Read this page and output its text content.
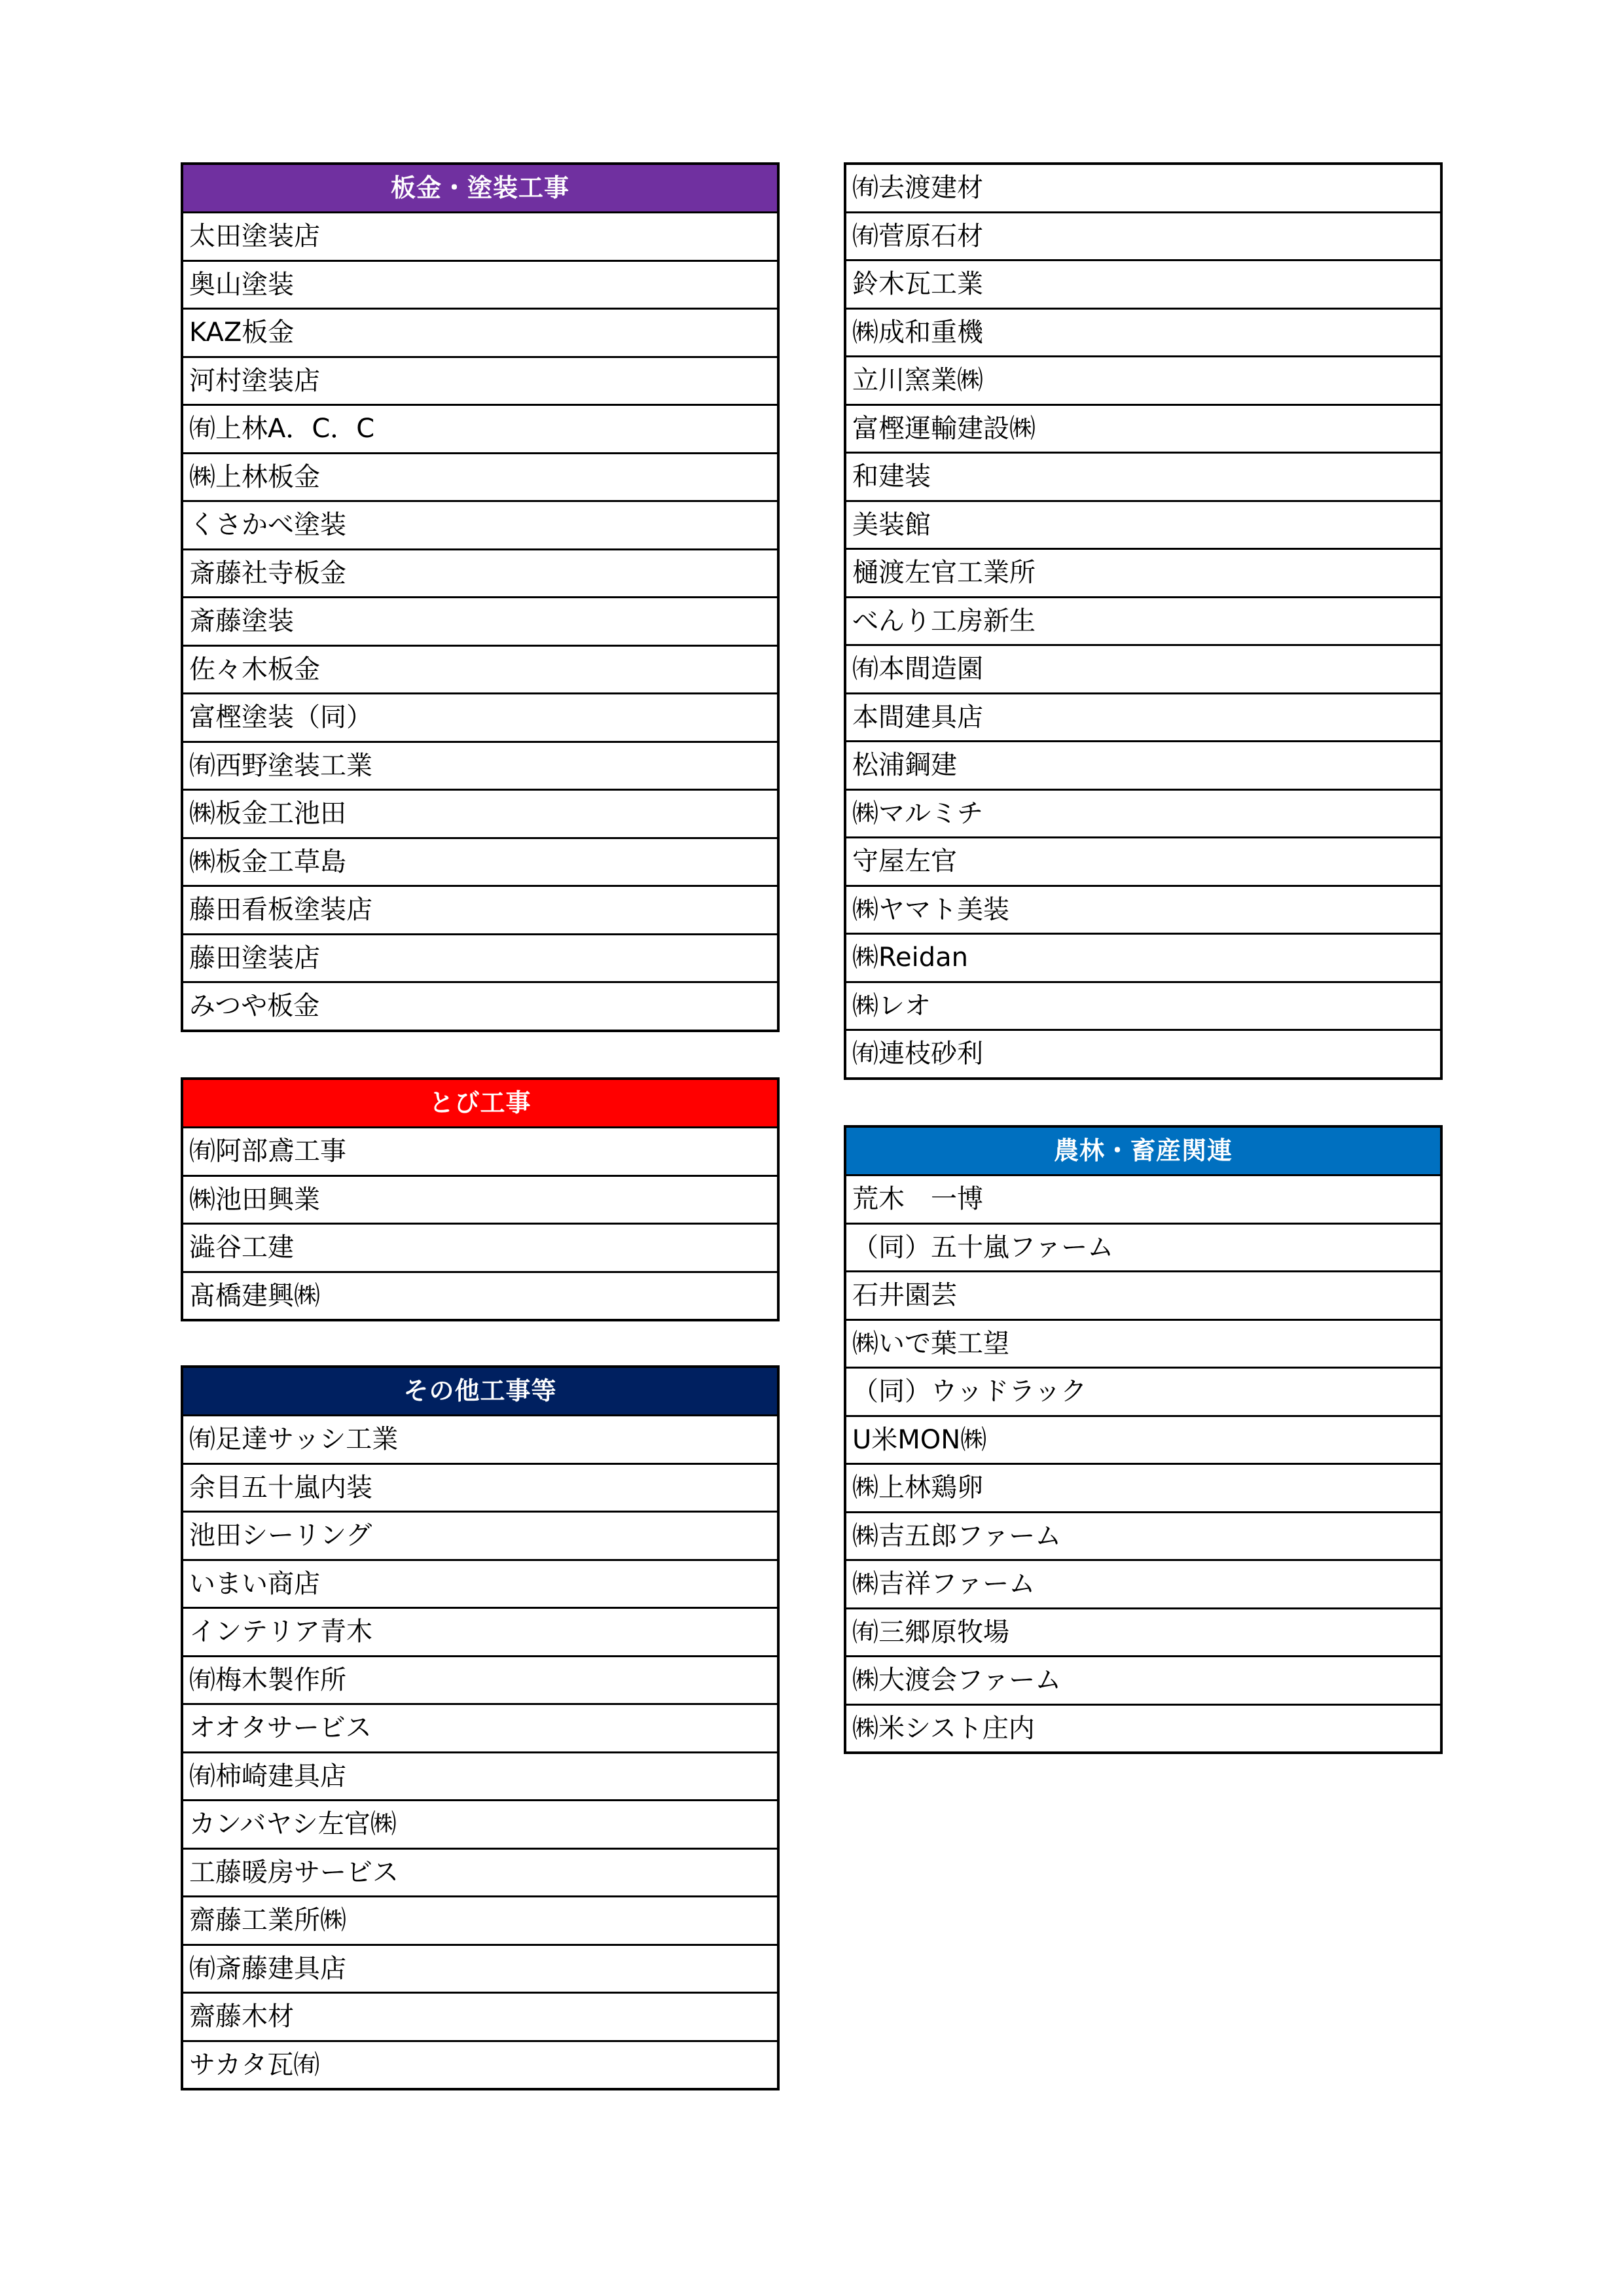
板金・塗装工事
太田塗装店
奥山塗装
KAZ板金
河村塗装店
㈲上林A．C．C
㈱上林板金
くさかべ塗装
斎藤社寺板金
斎藤塗装
佐々木板金
富樫塗装（同）
㈲西野塗装工業
㈱板金工池田
㈱板金工草島
藤田看板塗装店
藤田塗装店
みつや板金
とび工事
㈲阿部鳶工事
㈱池田興業
澁谷工建
髙橋建興㈱
その他工事等
㈲足達サッシ工業
余目五十嵐内装
池田シーリング
いまい商店
インテリア青木
㈲梅木製作所
オオタサービス
㈲柿崎建具店
カンバヤシ左官㈱
工藤暖房サービス
齋藤工業所㈱
㈲斎藤建具店
齋藤木材
サカタ瓦㈲
㈲去渡建材
㈲菅原石材
鈴木瓦工業
㈱成和重機
立川窯業㈱
富樫運輸建設㈱
和建装
美装館
樋渡左官工業所
べんり工房新生
㈲本間造園
本間建具店
松浦鋼建
㈱マルミチ
守屋左官
㈱ヤマト美装
㈱Reidan
㈱レオ
㈲連枝砂利
農林・畜産関連
荒木　一博
（同）五十嵐ファーム
石井園芸
㈱いで葉工望
（同）ウッドラック
U米MON㈱
㈱上林鶏卵
㈱吉五郎ファーム
㈱吉祥ファーム
㈲三郷原牧場
㈱大渡会ファーム
㈱米シスト庄内
